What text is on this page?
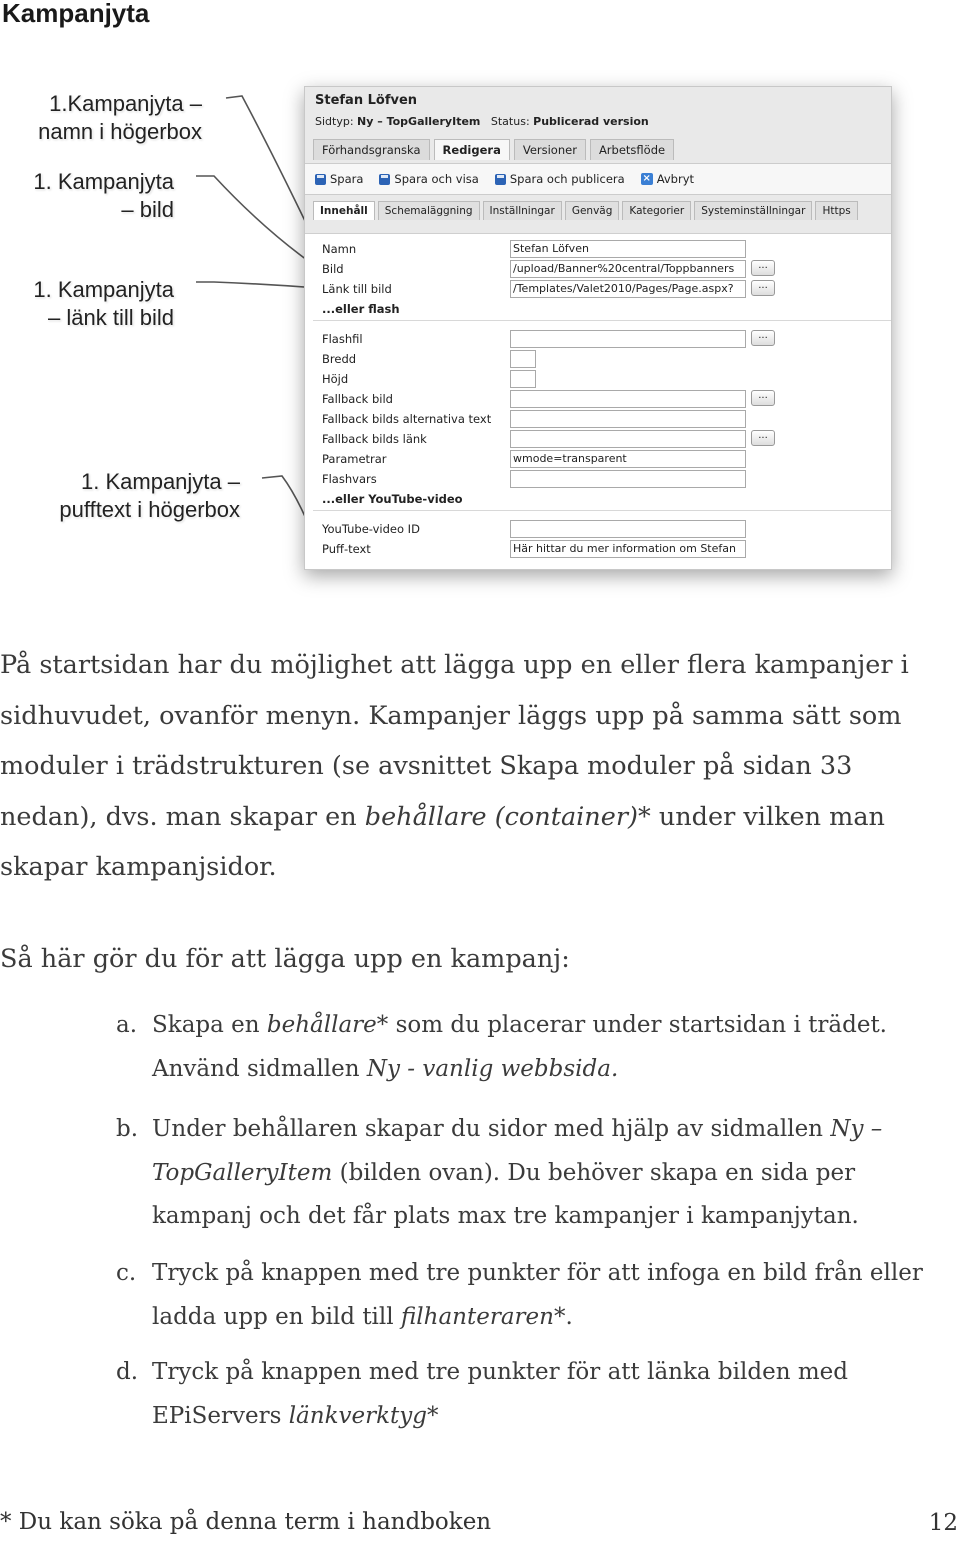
Kampanjyta
1.Kampanjyta –
namn i högerbox
1. Kampanjyta
– bild
1. Kampanjyta
– länk till bild
1. Kampanjyta –
pufftext i högerbox
Stefan Löfven
Sidtyp: Ny – TopGalleryItem Status: Publicerad version
Förhandsgranska	Redigera	Versioner	Arbetsflöde
Spara	Spara och visa	Spara och publicera × Avbryt
Innehåll	Schemaläggning	Inställningar	Genväg	Kategorier	Systeminställningar	Https
Namn	Stefan Löfven
Bild	/upload/Banner%20central/Toppbanners	...
Länk till bild	/Templates/Valet2010/Pages/Page.aspx?	...
...eller flash
Flashfil	...
Bredd
Höjd
Fallback bild	...
Fallback bilds alternativa text
Fallback bilds länk	...
Parametrar	wmode=transparent
Flashvars
...eller YouTube-video
YouTube-video ID
Puff-text	Här hittar du mer information om Stefan
På startsidan har du möjlighet att lägga upp en eller flera kampanjer i sidhuvudet, ovanför menyn. Kampanjer läggs upp på samma sätt som moduler i trädstrukturen (se avsnittet Skapa moduler på sidan 33 nedan), dvs. man skapar en behållare (container)* under vilken man skapar kampanjsidor.
Så här gör du för att lägga upp en kampanj:
a. Skapa en behållare* som du placerar under startsidan i trädet. Använd sidmallen Ny - vanlig webbsida.
b. Under behållaren skapar du sidor med hjälp av sidmallen Ny – TopGalleryItem (bilden ovan). Du behöver skapa en sida per kampanj och det får plats max tre kampanjer i kampanjytan.
c. Tryck på knappen med tre punkter för att infoga en bild från eller ladda upp en bild till filhanteraren*.
d. Tryck på knappen med tre punkter för att länka bilden med EPiServers länkverktyg*
* Du kan söka på denna term i handboken	12
